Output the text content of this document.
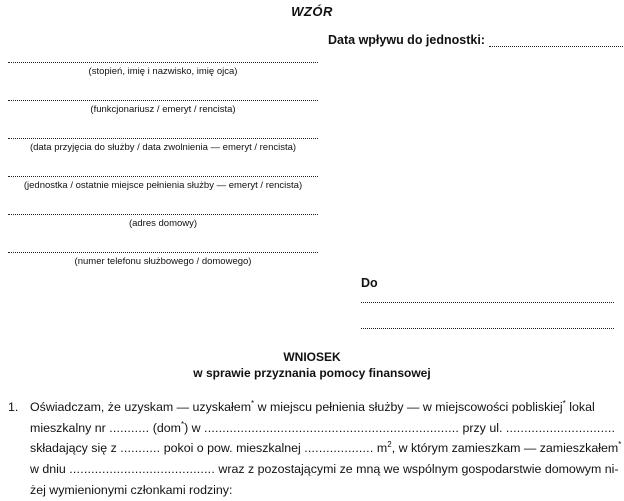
WZÓR
Data wpływu do jednostki:
(stopień, imię i nazwisko, imię ojca)
(funkcjonariusz / emeryt / rencista)
(data przyjęcia do służby / data zwolnienia — emeryt / rencista)
(jednostka / ostatnie miejsce pełnienia służby — emeryt / rencista)
(adres domowy)
(numer telefonu służbowego / domowego)
Do
WNIOSEK
w sprawie przyznania pomocy finansowej
1. Oświadczam, że uzyskam — uzyskałem* w miejscu pełnienia służby — w miejscowości pobliskiej* lokal
mieszkalny nr ........... (dom*) w ...................................................................... przy ul. ..............................
składający się z ........... pokoi o pow. mieszkalnej ................... $m^2$, w którym zamieszkam — zamieszkałem*
w dniu ........................................ wraz z pozostającymi ze mną we wspólnym gospodarstwie domowym ni-
żej wymienionymi członkami rodziny:
